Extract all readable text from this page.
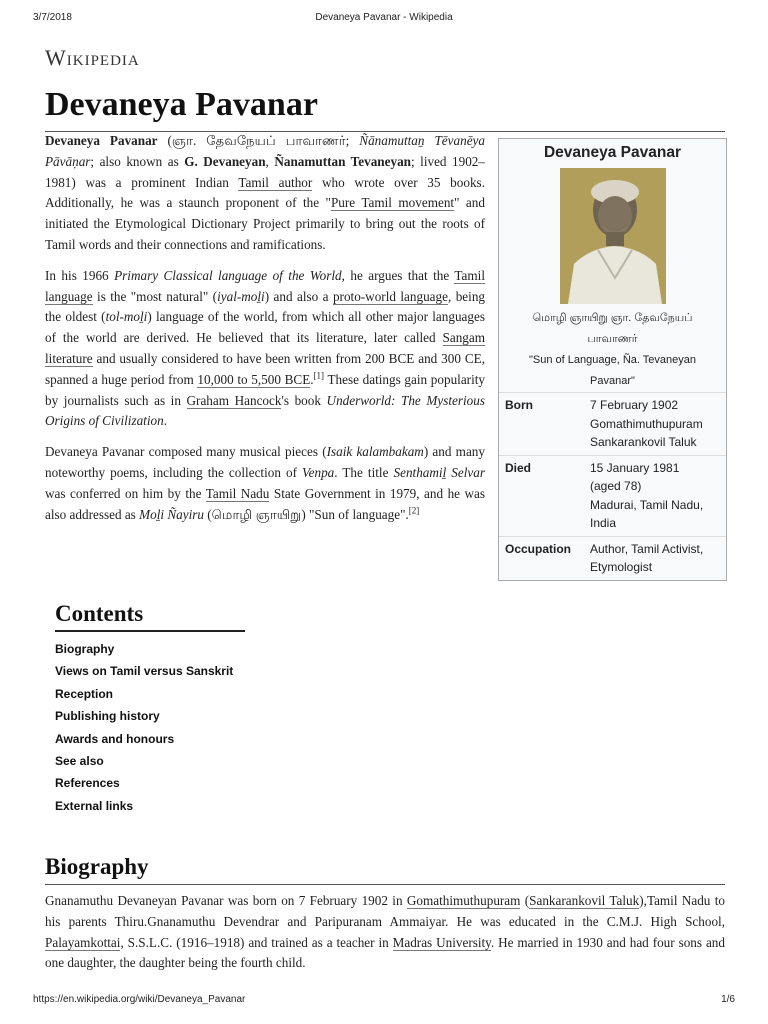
3/7/2018	Devaneya Pavanar - Wikipedia
Wikipedia
Devaneya Pavanar

Devaneya Pavanar (ஞா. தேவநேயப் பாவாணர்; Ñānamuttaṉ Tēvanēya Pāvāṇar; also known as G. Devaneyan, Ñanamuttan Tevaneyan; lived 1902–1981) was a prominent Indian Tamil author who wrote over 35 books. Additionally, he was a staunch proponent of the "Pure Tamil movement" and initiated the Etymological Dictionary Project primarily to bring out the roots of Tamil words and their connections and ramifications.

In his 1966 Primary Classical language of the World, he argues that the Tamil language is the "most natural" (iyal-moḻi) and also a proto-world language, being the oldest (tol-moḻi) language of the world, from which all other major languages of the world are derived. He believed that its literature, later called Sangam literature and usually considered to have been written from 200 BCE and 300 CE, spanned a huge period from 10,000 to 5,500 BCE.[1] These datings gain popularity by journalists such as in Graham Hancock's book Underworld: The Mysterious Origins of Civilization.

Devaneya Pavanar composed many musical pieces (Isaik kalambakam) and many noteworthy poems, including the collection of Venpa. The title Senthamiḻ Selvar was conferred on him by the Tamil Nadu State Government in 1979, and he was also addressed as Moḻi Ñayiru (மொழி ஞாயிறு) "Sun of language".[2]

Devaneya Pavanar
மொழி ஞாயிறு ஞா. தேவநேயப்
பாவாணர்
"Sun of Language, Ña. Tevaneyan
Pavanar"
Born	7 February 1902
Gomathimuthupuram
Sankarankovil Taluk
Died	15 January 1981
(aged 78)
Madurai, Tamil Nadu,
India
Occupation	Author, Tamil Activist,
Etymologist
Contents
Biography
Views on Tamil versus Sanskrit
Reception
Publishing history
Awards and honours
See also
References
External links
Biography

Gnanamuthu Devaneyan Pavanar was born on 7 February 1902 in Gomathimuthupuram (Sankarankovil Taluk),Tamil Nadu to his parents Thiru.Gnanamuthu Devendrar and Paripuranam Ammaiyar. He was educated in the C.M.J. High School, Palayamkottai, S.S.L.C. (1916–1918) and trained as a teacher in Madras University. He married in 1930 and had four sons and one daughter, the daughter being the fourth child.

https://en.wikipedia.org/wiki/Devaneya_Pavanar	1/6
